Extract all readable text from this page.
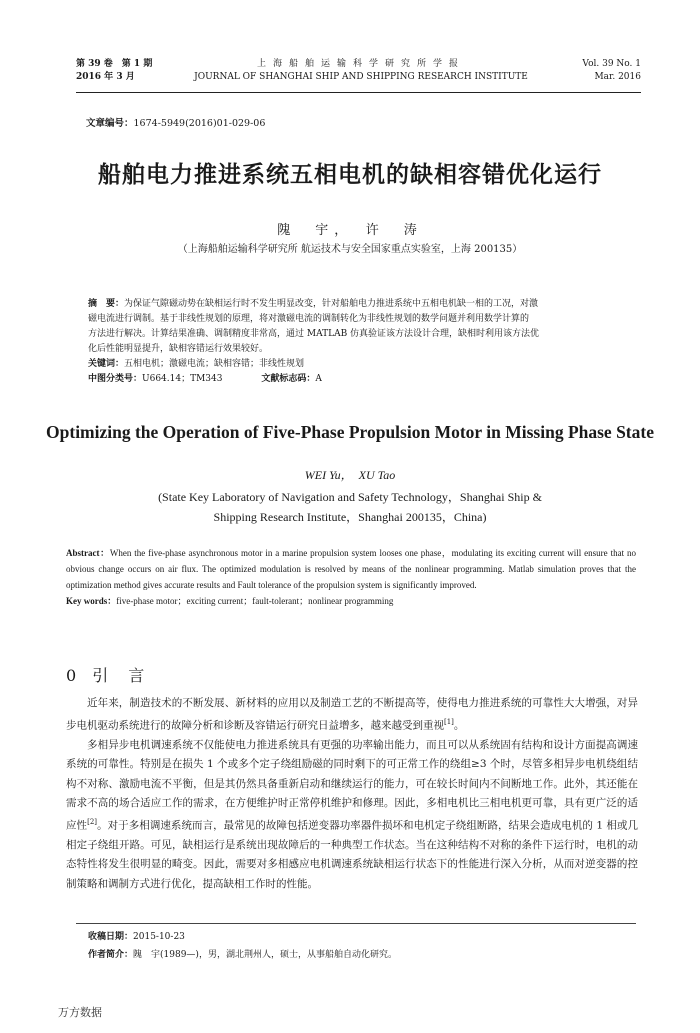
第 39 卷　第 1 期
2016 年 3 月
上海船舶运输科学研究所学报
JOURNAL OF SHANGHAI SHIP AND SHIPPING RESEARCH INSTITUTE
Vol. 39 No. 1
Mar. 2016
文章编号：1674-5949(2016)01-029-06
船舶电力推进系统五相电机的缺相容错优化运行
隗　宇，　许　涛
（上海船舶运输科学研究所 航运技术与安全国家重点实验室，上海 200135）
摘　要：为保证气隙磁动势在缺相运行时不发生明显改变，针对船舶电力推进系统中五相电机缺一相的工况，对激
磁电流进行调制。基于非线性规划的原理，将对激磁电流的调制转化为非线性规划的数学问题并利用数学计算的
方法进行解决。计算结果准确、调制精度非常高，通过 MATLAB 仿真验证该方法设计合理，缺相时利用该方法优
化后性能明显提升，缺相容错运行效果较好。
关键词：五相电机；激磁电流；缺相容错；非线性规划
中图分类号：U664.14；TM343	文献标志码：A
Optimizing the Operation of Five-Phase Propulsion Motor in Missing Phase State
WEI Yu，　XU Tao
(State Key Laboratory of Navigation and Safety Technology，Shanghai Ship &
Shipping Research Institute，Shanghai 200135，China)
Abstract：When the five-phase asynchronous motor in a marine propulsion system looses one phase，modulating its exciting current will ensure that no obvious change occurs on air flux. The optimized modulation is resolved by means of the nonlinear programming. Matlab simulation proves that the optimization method gives accurate results and Fault tolerance of the propulsion system is significantly improved.
Key words：five-phase motor；exciting current；fault-tolerant；nonlinear programming
0 引　言

近年来，制造技术的不断发展、新材料的应用以及制造工艺的不断提高等，使得电力推进系统的可靠性大大增强，对异步电机驱动系统进行的故障分析和诊断及容错运行研究日益增多，越来越受到重视[1]。

多相异步电机调速系统不仅能使电力推进系统具有更强的功率输出能力，而且可以从系统固有结构和设计方面提高调速系统的可靠性。特别是在损失 1 个或多个定子绕组励磁的同时剩下的可正常工作的绕组≥3 个时，尽管多相异步电机绕组结构不对称、激励电流不平衡，但是其仍然具备重新启动和继续运行的能力，可在较长时间内不间断地工作。此外，其还能在需求不高的场合适应工作的需求，在方便维护时正常停机维护和修理。因此，多相电机比三相电机更可靠，具有更广泛的适应性[2]。对于多相调速系统而言，最常见的故障包括逆变器功率器件损坏和电机定子绕组断路，结果会造成电机的 1 相或几相定子绕组开路。可见，缺相运行是系统出现故障后的一种典型工作状态。当在这种结构不对称的条件下运行时，电机的动态特性将发生很明显的畸变。因此，需要对多相感应电机调速系统缺相运行状态下的性能进行深入分析，从而对逆变器的控制策略和调制方式进行优化，提高缺相工作时的性能。

收稿日期：2015-10-23
作者简介：隗　宇(1989—)，男，湖北荆州人，硕士，从事船舶自动化研究。
万方数据
